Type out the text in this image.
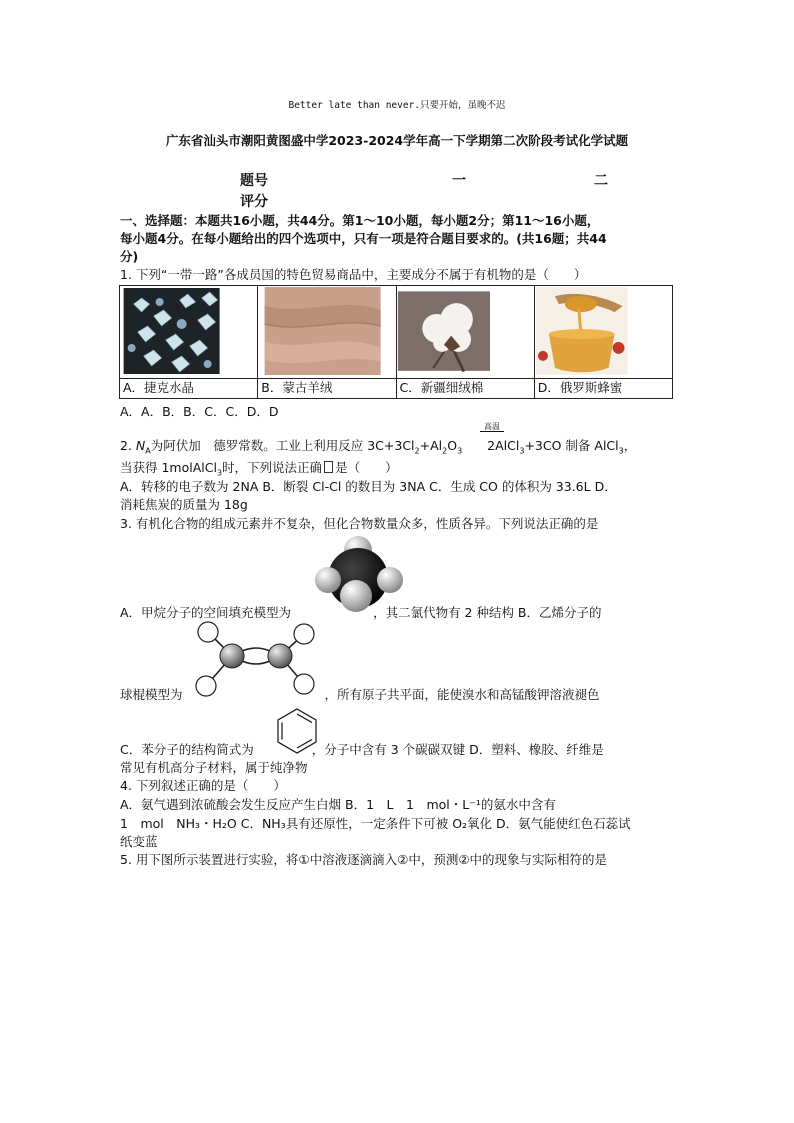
Better late than never.只要开始，虽晚不迟
广东省汕头市潮阳黄图盛中学2023-2024学年高一下学期第二次阶段考试化学试题
题号	一	二
评分
一、选择题：本题共16小题，共44分。第1～10小题，每小题2分；第11～16小题，
每小题4分。在每小题给出的四个选项中，只有一项是符合题目要求的。(共16题；共44
分)
1. 下列“一带一路”各成员国的特色贸易商品中，主要成分不属于有机物的是（　　）
A．捷克水晶	B．蒙古羊绒	C．新疆细绒棉	D．俄罗斯蜂蜜
A．A．B．B．C．C．D．D
高温
2. $N_A$为阿伏加　德罗常数。工业上利用反应 $3C+3Cl_2+Al_2O_3$　　2AlCl$_3$+3CO 制备 AlCl$_3$，
当获得 1molAlCl$_3$时，下列说法正确 是（　　）
A．转移的电子数为 2NA B．断裂 Cl-Cl 的数目为 3NA C．生成 CO 的体积为 33.6L D．
消耗焦炭的质量为 18g
3. 有机化合物的组成元素并不复杂，但化合物数量众多，性质各异。下列说法正确的是
A．甲烷分子的空间填充模型为	，其二氯代物有 2 种结构 B．乙烯分子的
球棍模型为	，所有原子共平面，能使溴水和高锰酸钾溶液褪色
C．苯分子的结构简式为	，分子中含有 3 个碳碳双键 D．塑料、橡胶、纤维是
常见有机高分子材料，属于纯净物
4. 下列叙述正确的是（　　）
A．氨气遇到浓硫酸会发生反应产生白烟 B．1　L　1　mol・L⁻¹的氨水中含有
1　mol　NH₃・H₂O C．NH₃具有还原性，一定条件下可被 O₂氧化 D．氨气能使红色石蕊试
纸变蓝
5. 用下图所示装置进行实验，将①中溶液逐滴滴入②中，预测②中的现象与实际相符的是
